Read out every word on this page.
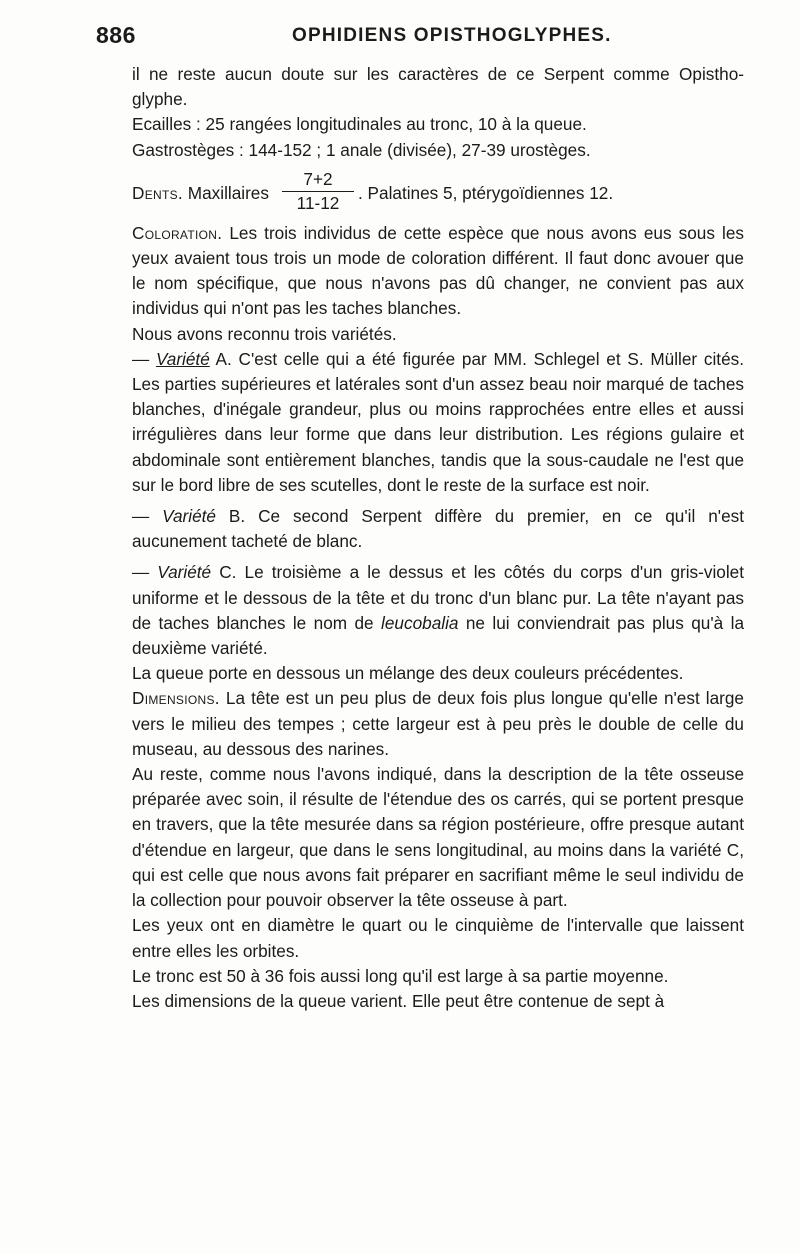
886	OPHIDIENS OPISTHOGLYPHES.

il ne reste aucun doute sur les caractères de ce Serpent comme Opistho-glyphe.

Ecailles : 25 rangées longitudinales au tronc, 10 à la queue.

Gastrostèges : 144-152 ; 1 anale (divisée), 27-39 urostèges.

Dents. Maxillaires
7+2
11-12	. Palatines 5, ptérygoïdiennes 12.

Coloration. Les trois individus de cette espèce que nous avons eus sous les yeux avaient tous trois un mode de coloration différent. Il faut donc avouer que le nom spécifique, que nous n'avons pas dû changer, ne convient pas aux individus qui n'ont pas les taches blanches.

Nous avons reconnu trois variétés.

— Variété A. C'est celle qui a été figurée par MM. Schlegel et S. Müller cités. Les parties supérieures et latérales sont d'un assez beau noir marqué de taches blanches, d'inégale grandeur, plus ou moins rapprochées entre elles et aussi irrégulières dans leur forme que dans leur distribution. Les régions gulaire et abdominale sont entièrement blanches, tandis que la sous-caudale ne l'est que sur le bord libre de ses scutelles, dont le reste de la surface est noir.

— Variété B. Ce second Serpent diffère du premier, en ce qu'il n'est aucunement tacheté de blanc.

— Variété C. Le troisième a le dessus et les côtés du corps d'un gris-violet uniforme et le dessous de la tête et du tronc d'un blanc pur. La tête n'ayant pas de taches blanches le nom de leucobalia ne lui conviendrait pas plus qu'à la deuxième variété.

La queue porte en dessous un mélange des deux couleurs précédentes.

Dimensions. La tête est un peu plus de deux fois plus longue qu'elle n'est large vers le milieu des tempes ; cette largeur est à peu près le double de celle du museau, au dessous des narines.

Au reste, comme nous l'avons indiqué, dans la description de la tête osseuse préparée avec soin, il résulte de l'étendue des os carrés, qui se portent presque en travers, que la tête mesurée dans sa région postérieure, offre presque autant d'étendue en largeur, que dans le sens longitudinal, au moins dans la variété C, qui est celle que nous avons fait préparer en sacrifiant même le seul individu de la collection pour pouvoir observer la tête osseuse à part.

Les yeux ont en diamètre le quart ou le cinquième de l'intervalle que laissent entre elles les orbites.

Le tronc est 50 à 36 fois aussi long qu'il est large à sa partie moyenne.

Les dimensions de la queue varient. Elle peut être contenue de sept à
